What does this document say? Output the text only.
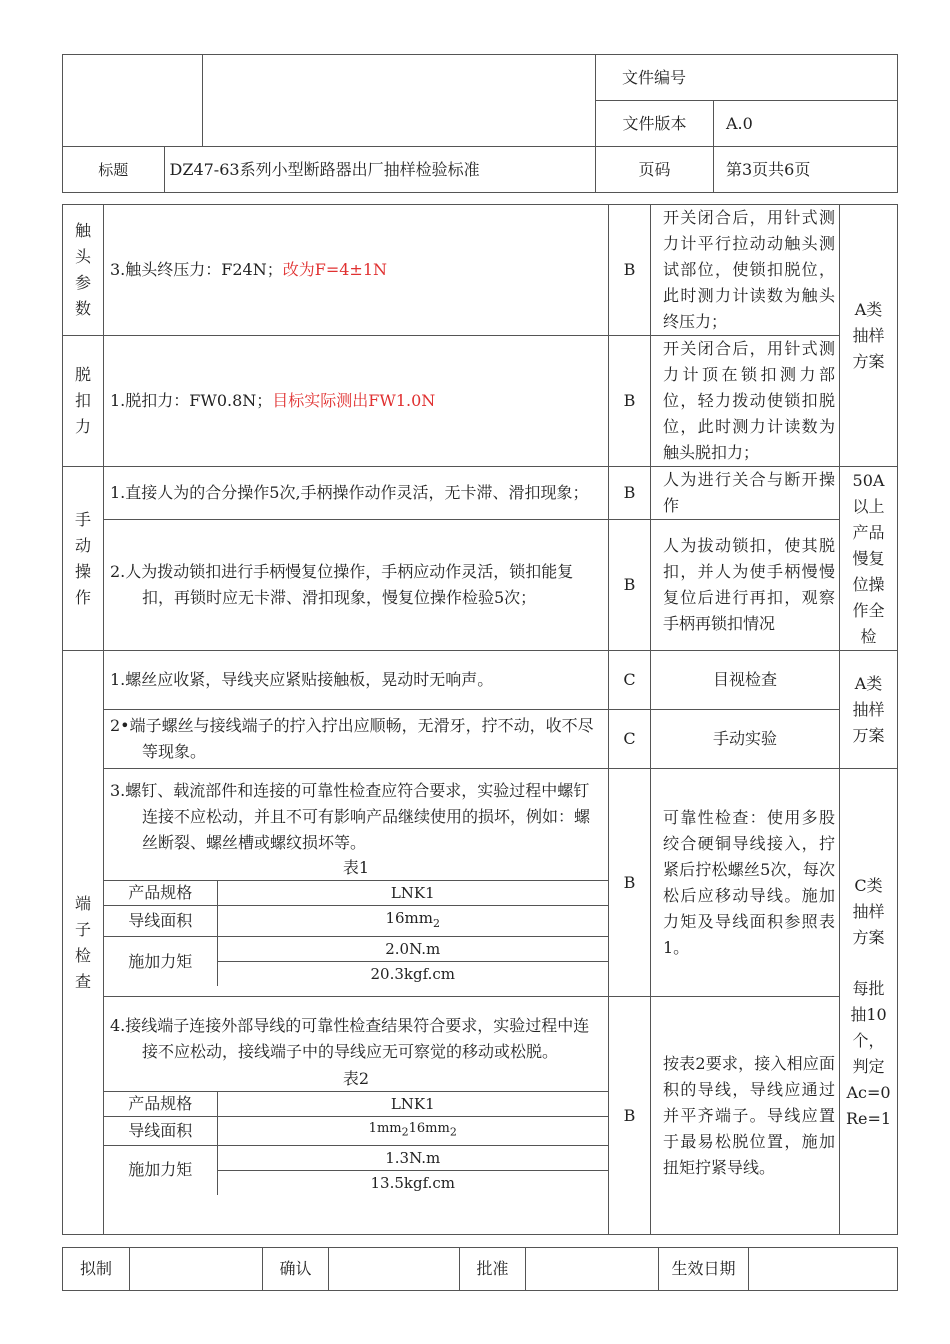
		文件编号	
文件版本	A.0

标题	DZ47-63系列小型断路器出厂抽样检验标准
		页码	第3页共6页
触
头
参
数	3.触头终压力：F24N；改为F=4±1N	B	开关闭合后，用针式测力计平行拉动动触头测试部位，使锁扣脱位，此时测力计读数为触头终压力；	A类
抽样
方案
脱
扣
力	1.脱扣力：FW0.8N；目标实际测出FW1.0N	B	开关闭合后，用针式测力计顶在锁扣测力部位，轻力拨动使锁扣脱位，此时测力计读数为触头脱扣力；
手
动
操
作	1.直接人为的合分操作5次,手柄操作动作灵活，无卡滞、滑扣现象；	B	人为进行关合与断开操作	50A
以上
产品
慢复
位操
作全
检
2.人为拨动锁扣进行手柄慢复位操作，手柄应动作灵活，锁扣能复扣，再锁时应无卡滞、滑扣现象，慢复位操作检验5次；	B	人为拔动锁扣，使其脱扣，并人为使手柄慢慢复位后进行再扣，观察手柄再锁扣情况
端
子
检
查	1.螺丝应收紧，导线夹应紧贴接触板，晃动时无响声。	C	目视检查	A类
抽样
万案
2•端子螺丝与接线端子的拧入拧出应顺畅，无滑牙，拧不动，收不尽等现象。	C	手动实验

3.螺钉、载流部件和连接的可靠性检查应符合要求，实验过程中螺钉连接不应松动，并且不可有影响产品继续使用的损坏，例如：螺丝断裂、螺丝槽或螺纹损坏等。
表1
产品规格	LNK1
导线面积	$16mm_2$
施加力矩	2.0N.m
20.3kgf.cm
	B	可靠性检查：使用多股绞合硬铜导线接入，拧紧后拧松螺丝5次，每次松后应移动导线。施加力矩及导线面积参照表1。	C类
抽样
方案

每批
抽10
个，
判定
Ac=0
Re=1

4.接线端子连接外部导线的可靠性检查结果符合要求，实验过程中连接不应松动，接线端子中的导线应无可察觉的移动或松脱。
表2
产品规格	LNK1
导线面积	$1mm_216mm_2$
施加力矩	1.3N.m
13.5kgf.cm
	B	按表2要求，接入相应面积的导线，导线应通过并平齐端子。导线应置于最易松脱位置，施加扭矩拧紧导线。
拟制		确认		批准		生效日期	
